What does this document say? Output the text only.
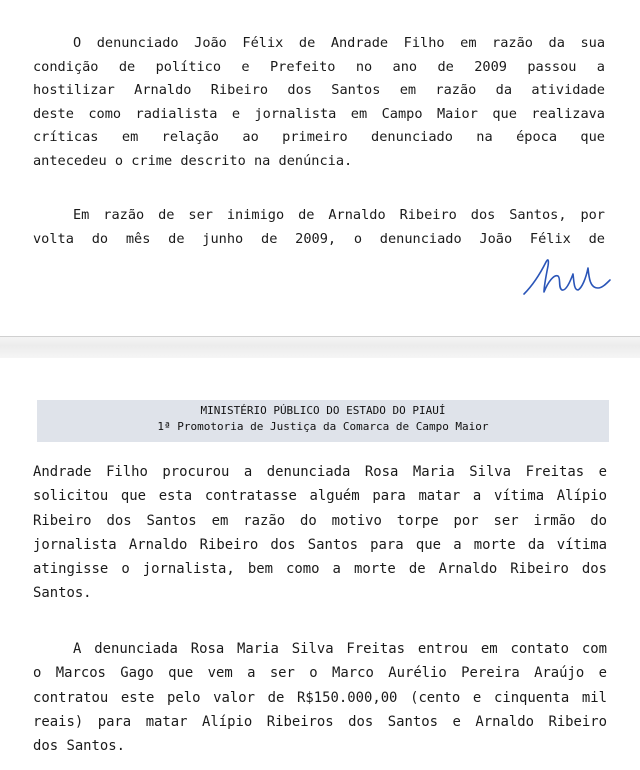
O denunciado João Félix de Andrade Filho em razão da sua
condição de político e Prefeito no ano de 2009 passou a
hostilizar Arnaldo Ribeiro dos Santos em razão da atividade
deste como radialista e jornalista em Campo Maior que realizava
críticas em relação ao primeiro denunciado na época que
antecedeu o crime descrito na denúncia.

Em razão de ser inimigo de Arnaldo Ribeiro dos Santos, por
volta do mês de junho de 2009, o denunciado João Félix de

MINISTÉRIO PÚBLICO DO ESTADO DO PIAUÍ
1ª Promotoria de Justiça da Comarca de Campo Maior

Andrade Filho procurou a denunciada Rosa Maria Silva Freitas e
solicitou que esta contratasse alguém para matar a vítima Alípio
Ribeiro dos Santos em razão do motivo torpe por ser irmão do
jornalista Arnaldo Ribeiro dos Santos para que a morte da vítima
atingisse o jornalista, bem como a morte de Arnaldo Ribeiro dos
Santos.

A denunciada Rosa Maria Silva Freitas entrou em contato com
o Marcos Gago que vem a ser o Marco Aurélio Pereira Araújo e
contratou este pelo valor de R$150.000,00 (cento e cinquenta mil
reais) para matar Alípio Ribeiros dos Santos e Arnaldo Ribeiro
dos Santos.
